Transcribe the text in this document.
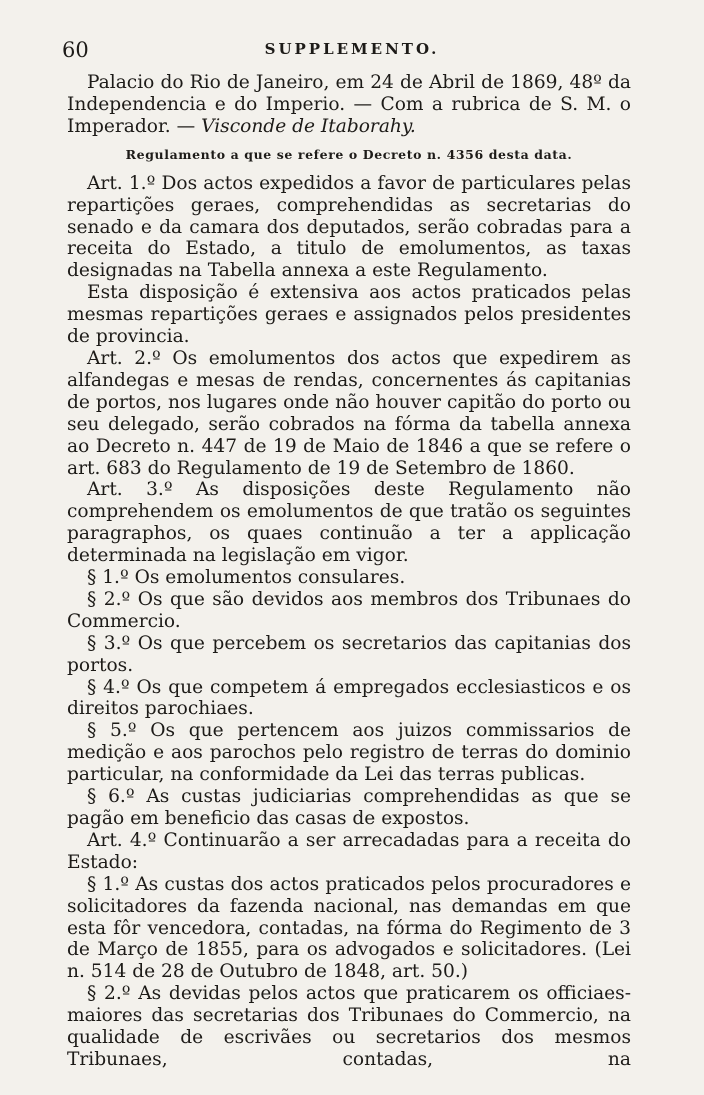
60	SUPPLEMENTO.

Palacio do Rio de Janeiro, em 24 de Abril de 1869, 48º da Independencia e do Imperio. — Com a rubrica de S. M. o Imperador. — Visconde de Itaborahy.

Regulamento a que se refere o Decreto n. 4356 desta data.

Art. 1.º Dos actos expedidos a favor de particulares pelas repartições geraes, comprehendidas as secretarias do senado e da camara dos deputados, serão cobradas para a receita do Estado, a titulo de emolumentos, as taxas designadas na Tabella annexa a este Regulamento.

Esta disposição é extensiva aos actos praticados pelas mesmas repartições geraes e assignados pelos presidentes de provincia.

Art. 2.º Os emolumentos dos actos que expedirem as alfandegas e mesas de rendas, concernentes ás capitanias de portos, nos lugares onde não houver capitão do porto ou seu delegado, serão cobrados na fórma da tabella annexa ao Decreto n. 447 de 19 de Maio de 1846 a que se refere o art. 683 do Regulamento de 19 de Setembro de 1860.

Art. 3.º As disposições deste Regulamento não comprehendem os emolumentos de que tratão os seguintes paragraphos, os quaes continuão a ter a applicação determinada na legislação em vigor.

§ 1.º Os emolumentos consulares.

§ 2.º Os que são devidos aos membros dos Tribunaes do Commercio.

§ 3.º Os que percebem os secretarios das capitanias dos portos.

§ 4.º Os que competem á empregados ecclesiasticos e os direitos parochiaes.

§ 5.º Os que pertencem aos juizos commissarios de medição e aos parochos pelo registro de terras do dominio particular, na conformidade da Lei das terras publicas.

§ 6.º As custas judiciarias comprehendidas as que se pagão em beneficio das casas de expostos.

Art. 4.º Continuarão a ser arrecadadas para a receita do Estado:

§ 1.º As custas dos actos praticados pelos procuradores e solicitadores da fazenda nacional, nas demandas em que esta fôr vencedora, contadas, na fórma do Regimento de 3 de Março de 1855, para os advogados e solicitadores. (Lei n. 514 de 28 de Outubro de 1848, art. 50.)

§ 2.º As devidas pelos actos que praticarem os officiaes-maiores das secretarias dos Tribunaes do Commercio, na qualidade de escrivães ou secretarios dos mesmos Tribunaes, contadas, na
